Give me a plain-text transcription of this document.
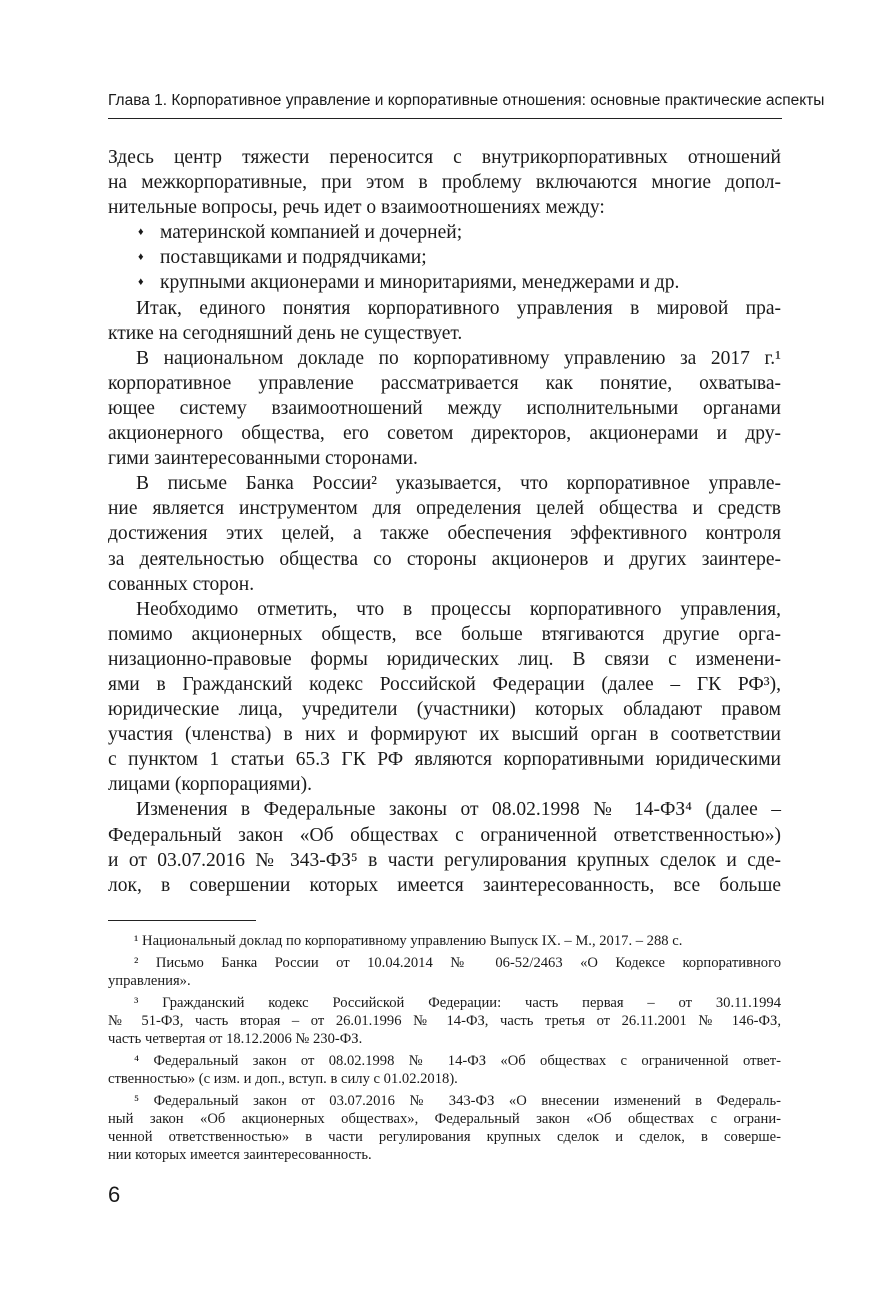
Глава 1. Корпоративное управление и корпоративные отношения: основные практические аспекты
Здесь центр тяжести переносится с внутрикорпоративных отношений
на межкорпоративные, при этом в проблему включаются многие допол-
нительные вопросы, речь идет о взаимоотношениях между:
♦ материнской компанией и дочерней;
♦ поставщиками и подрядчиками;
♦ крупными акционерами и миноритариями, менеджерами и др.
Итак, единого понятия корпоративного управления в мировой пра-
ктике на сегодняшний день не существует.
В национальном докладе по корпоративному управлению за 2017 г.¹
корпоративное управление рассматривается как понятие, охватыва-
ющее систему взаимоотношений между исполнительными органами
акционерного общества, его советом директоров, акционерами и дру-
гими заинтересованными сторонами.
В письме Банка России² указывается, что корпоративное управле-
ние является инструментом для определения целей общества и средств
достижения этих целей, а также обеспечения эффективного контроля
за деятельностью общества со стороны акционеров и других заинтере-
сованных сторон.
Необходимо отметить, что в процессы корпоративного управления,
помимо акционерных обществ, все больше втягиваются другие орга-
низационно-правовые формы юридических лиц. В связи с изменени-
ями в Гражданский кодекс Российской Федерации (далее – ГК РФ³),
юридические лица, учредители (участники) которых обладают правом
участия (членства) в них и формируют их высший орган в соответствии
с пунктом 1 статьи 65.3 ГК РФ являются корпоративными юридическими
лицами (корпорациями).
Изменения в Федеральные законы от 08.02.1998 № 14-ФЗ⁴ (далее –
Федеральный закон «Об обществах с ограниченной ответственностью»)
и от 03.07.2016 № 343-ФЗ⁵ в части регулирования крупных сделок и сде-
лок, в совершении которых имеется заинтересованность, все больше
¹ Национальный доклад по корпоративному управлению Выпуск IX. – М., 2017. – 288 с.
² Письмо Банка России от 10.04.2014 № 06-52/2463 «О Кодексе корпоративного
управления».
³ Гражданский кодекс Российской Федерации: часть первая – от 30.11.1994
№ 51-ФЗ, часть вторая – от 26.01.1996 № 14-ФЗ, часть третья от 26.11.2001 № 146-ФЗ,
часть четвертая от 18.12.2006 № 230-ФЗ.
⁴ Федеральный закон от 08.02.1998 № 14-ФЗ «Об обществах с ограниченной ответ-
ственностью» (с изм. и доп., вступ. в силу с 01.02.2018).
⁵ Федеральный закон от 03.07.2016 № 343-ФЗ «О внесении изменений в Федераль-
ный закон «Об акционерных обществах», Федеральный закон «Об обществах с ограни-
ченной ответственностью» в части регулирования крупных сделок и сделок, в соверше-
нии которых имеется заинтересованность.
6
